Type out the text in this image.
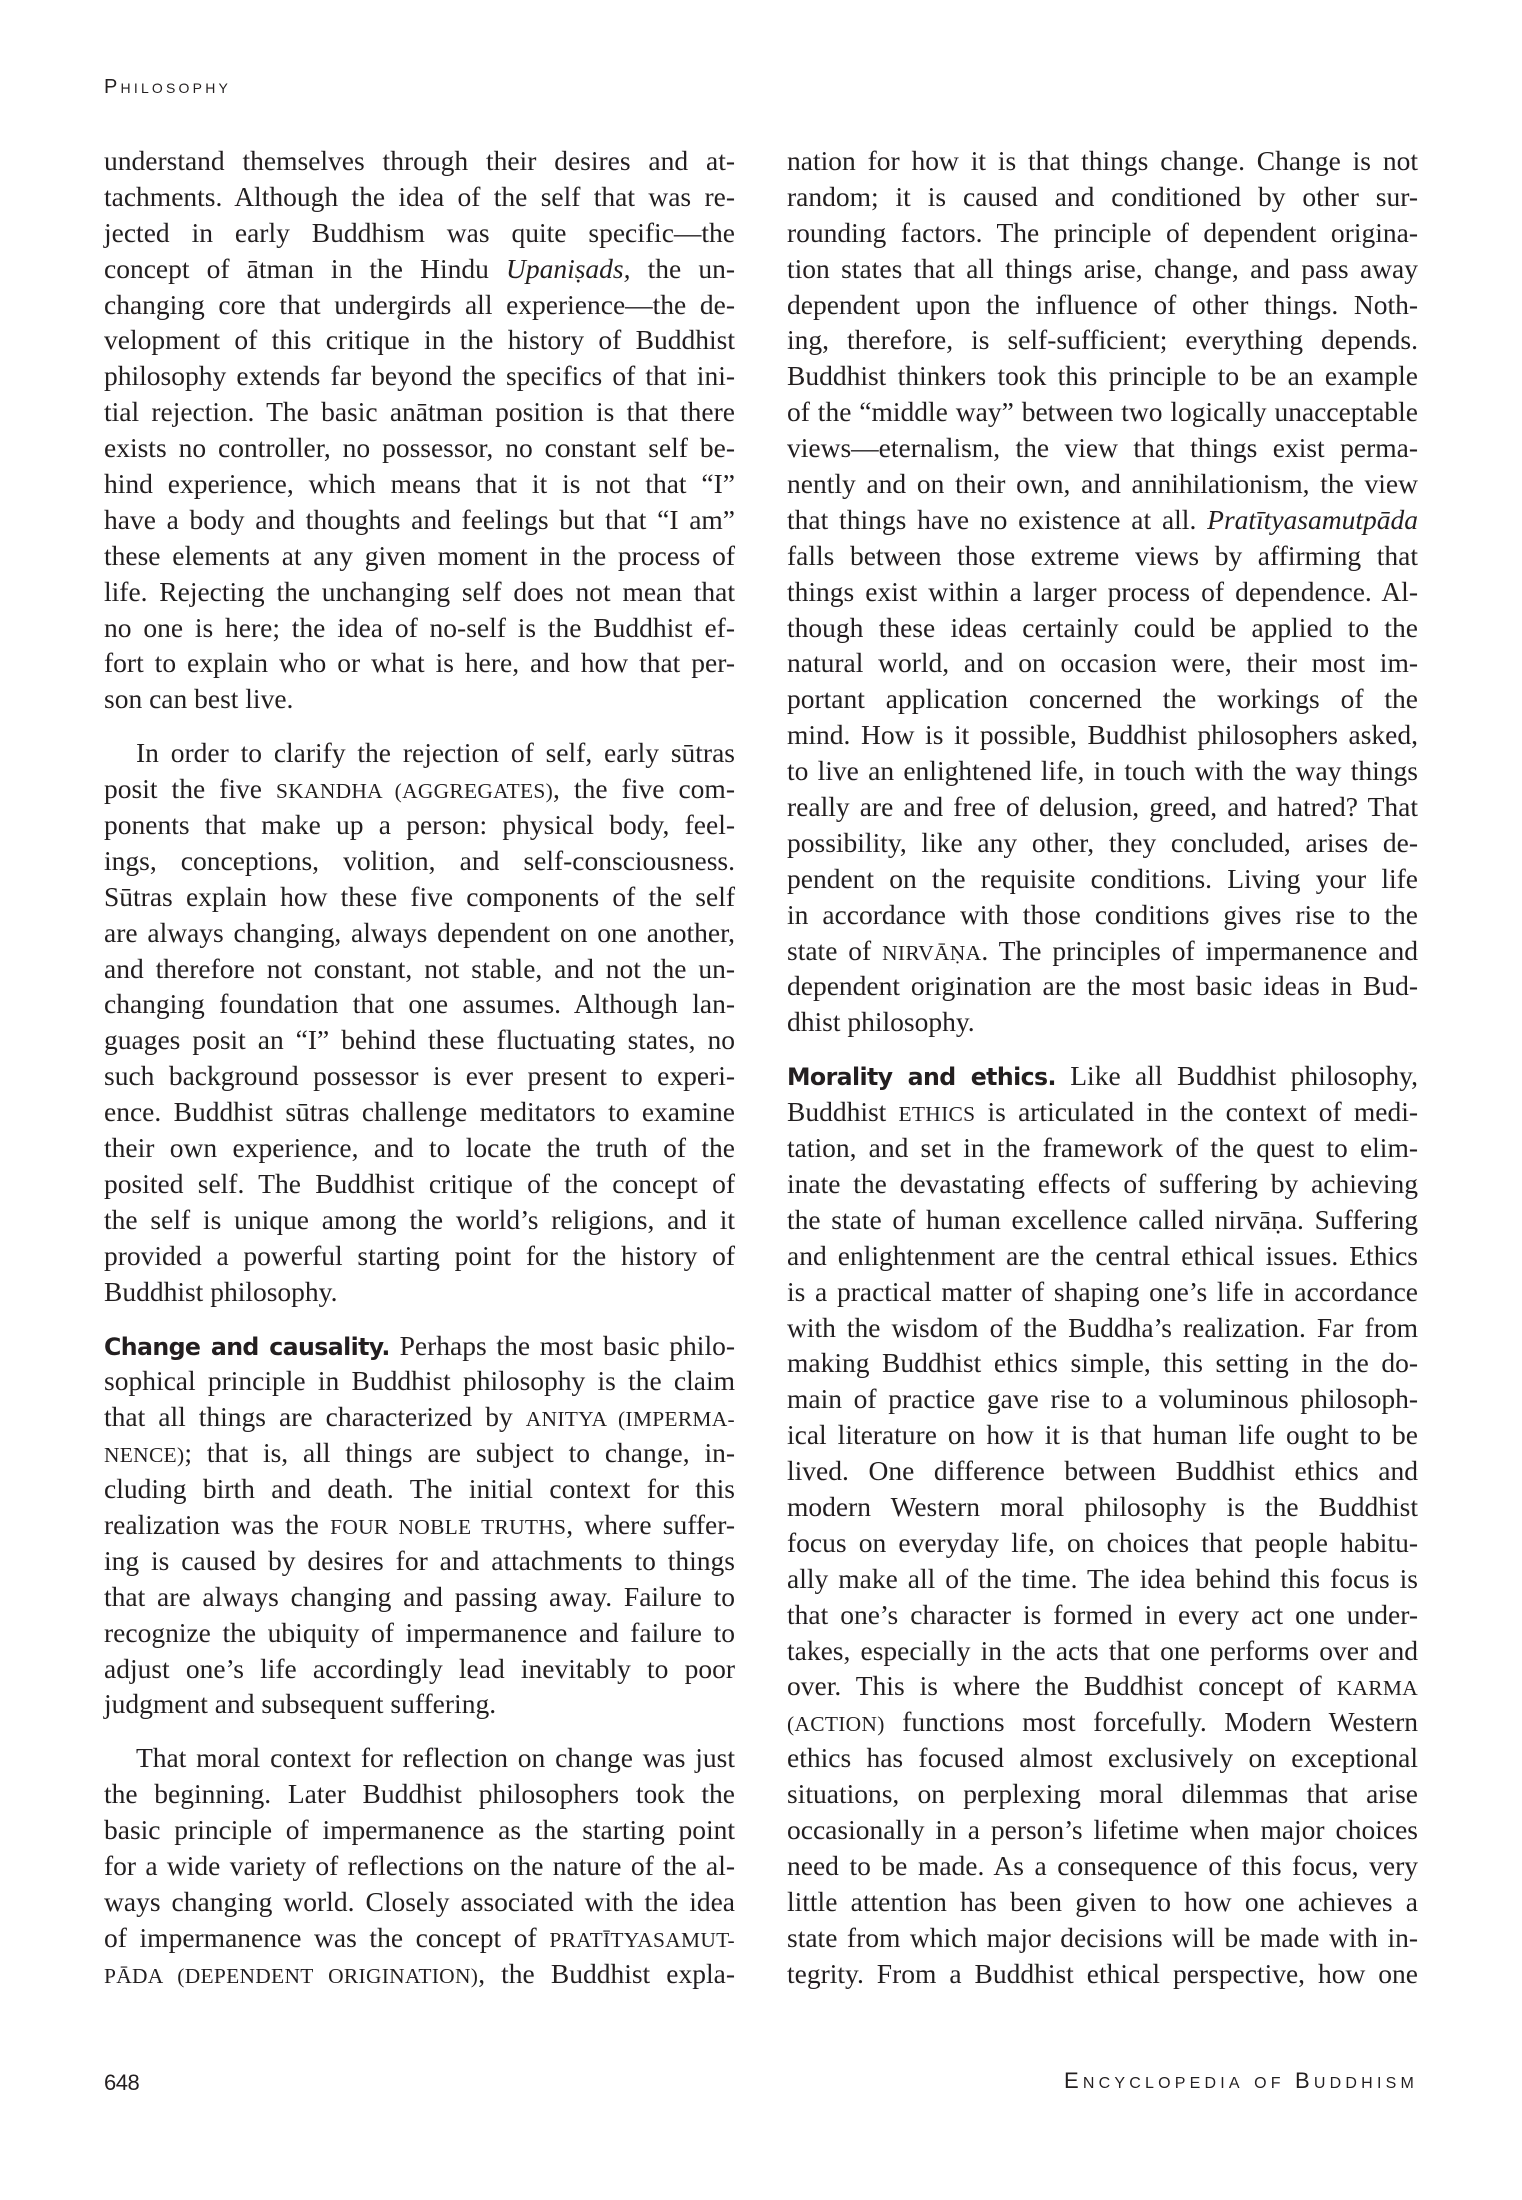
Philosophy
understand themselves through their desires and at-
tachments. Although the idea of the self that was re-
jected in early Buddhism was quite specific—the
concept of ātman in the Hindu Upaniṣads, the un-
changing core that undergirds all experience—the de-
velopment of this critique in the history of Buddhist
philosophy extends far beyond the specifics of that ini-
tial rejection. The basic anātman position is that there
exists no controller, no possessor, no constant self be-
hind experience, which means that it is not that “I”
have a body and thoughts and feelings but that “I am”
these elements at any given moment in the process of
life. Rejecting the unchanging self does not mean that
no one is here; the idea of no-self is the Buddhist ef-
fort to explain who or what is here, and how that per-
son can best live.
In order to clarify the rejection of self, early sūtras
posit the five SKANDHA (AGGREGATES), the five com-
ponents that make up a person: physical body, feel-
ings, conceptions, volition, and self-consciousness.
Sūtras explain how these five components of the self
are always changing, always dependent on one another,
and therefore not constant, not stable, and not the un-
changing foundation that one assumes. Although lan-
guages posit an “I” behind these fluctuating states, no
such background possessor is ever present to experi-
ence. Buddhist sūtras challenge meditators to examine
their own experience, and to locate the truth of the
posited self. The Buddhist critique of the concept of
the self is unique among the world’s religions, and it
provided a powerful starting point for the history of
Buddhist philosophy.
Change and causality. Perhaps the most basic philo-
sophical principle in Buddhist philosophy is the claim
that all things are characterized by ANITYA (IMPERMA-
NENCE); that is, all things are subject to change, in-
cluding birth and death. The initial context for this
realization was the FOUR NOBLE TRUTHS, where suffer-
ing is caused by desires for and attachments to things
that are always changing and passing away. Failure to
recognize the ubiquity of impermanence and failure to
adjust one’s life accordingly lead inevitably to poor
judgment and subsequent suffering.
That moral context for reflection on change was just
the beginning. Later Buddhist philosophers took the
basic principle of impermanence as the starting point
for a wide variety of reflections on the nature of the al-
ways changing world. Closely associated with the idea
of impermanence was the concept of PRATĪTYASAMUT-
PĀDA (DEPENDENT ORIGINATION), the Buddhist expla-
nation for how it is that things change. Change is not
random; it is caused and conditioned by other sur-
rounding factors. The principle of dependent origina-
tion states that all things arise, change, and pass away
dependent upon the influence of other things. Noth-
ing, therefore, is self-sufficient; everything depends.
Buddhist thinkers took this principle to be an example
of the “middle way” between two logically unacceptable
views—eternalism, the view that things exist perma-
nently and on their own, and annihilationism, the view
that things have no existence at all. Pratītyasamutpāda
falls between those extreme views by affirming that
things exist within a larger process of dependence. Al-
though these ideas certainly could be applied to the
natural world, and on occasion were, their most im-
portant application concerned the workings of the
mind. How is it possible, Buddhist philosophers asked,
to live an enlightened life, in touch with the way things
really are and free of delusion, greed, and hatred? That
possibility, like any other, they concluded, arises de-
pendent on the requisite conditions. Living your life
in accordance with those conditions gives rise to the
state of NIRVĀṆA. The principles of impermanence and
dependent origination are the most basic ideas in Bud-
dhist philosophy.
Morality and ethics. Like all Buddhist philosophy,
Buddhist ETHICS is articulated in the context of medi-
tation, and set in the framework of the quest to elim-
inate the devastating effects of suffering by achieving
the state of human excellence called nirvāṇa. Suffering
and enlightenment are the central ethical issues. Ethics
is a practical matter of shaping one’s life in accordance
with the wisdom of the Buddha’s realization. Far from
making Buddhist ethics simple, this setting in the do-
main of practice gave rise to a voluminous philosoph-
ical literature on how it is that human life ought to be
lived. One difference between Buddhist ethics and
modern Western moral philosophy is the Buddhist
focus on everyday life, on choices that people habitu-
ally make all of the time. The idea behind this focus is
that one’s character is formed in every act one under-
takes, especially in the acts that one performs over and
over. This is where the Buddhist concept of KARMA
(ACTION) functions most forcefully. Modern Western
ethics has focused almost exclusively on exceptional
situations, on perplexing moral dilemmas that arise
occasionally in a person’s lifetime when major choices
need to be made. As a consequence of this focus, very
little attention has been given to how one achieves a
state from which major decisions will be made with in-
tegrity. From a Buddhist ethical perspective, how one
648	ENCYCLOPEDIA OF BUDDHISM
